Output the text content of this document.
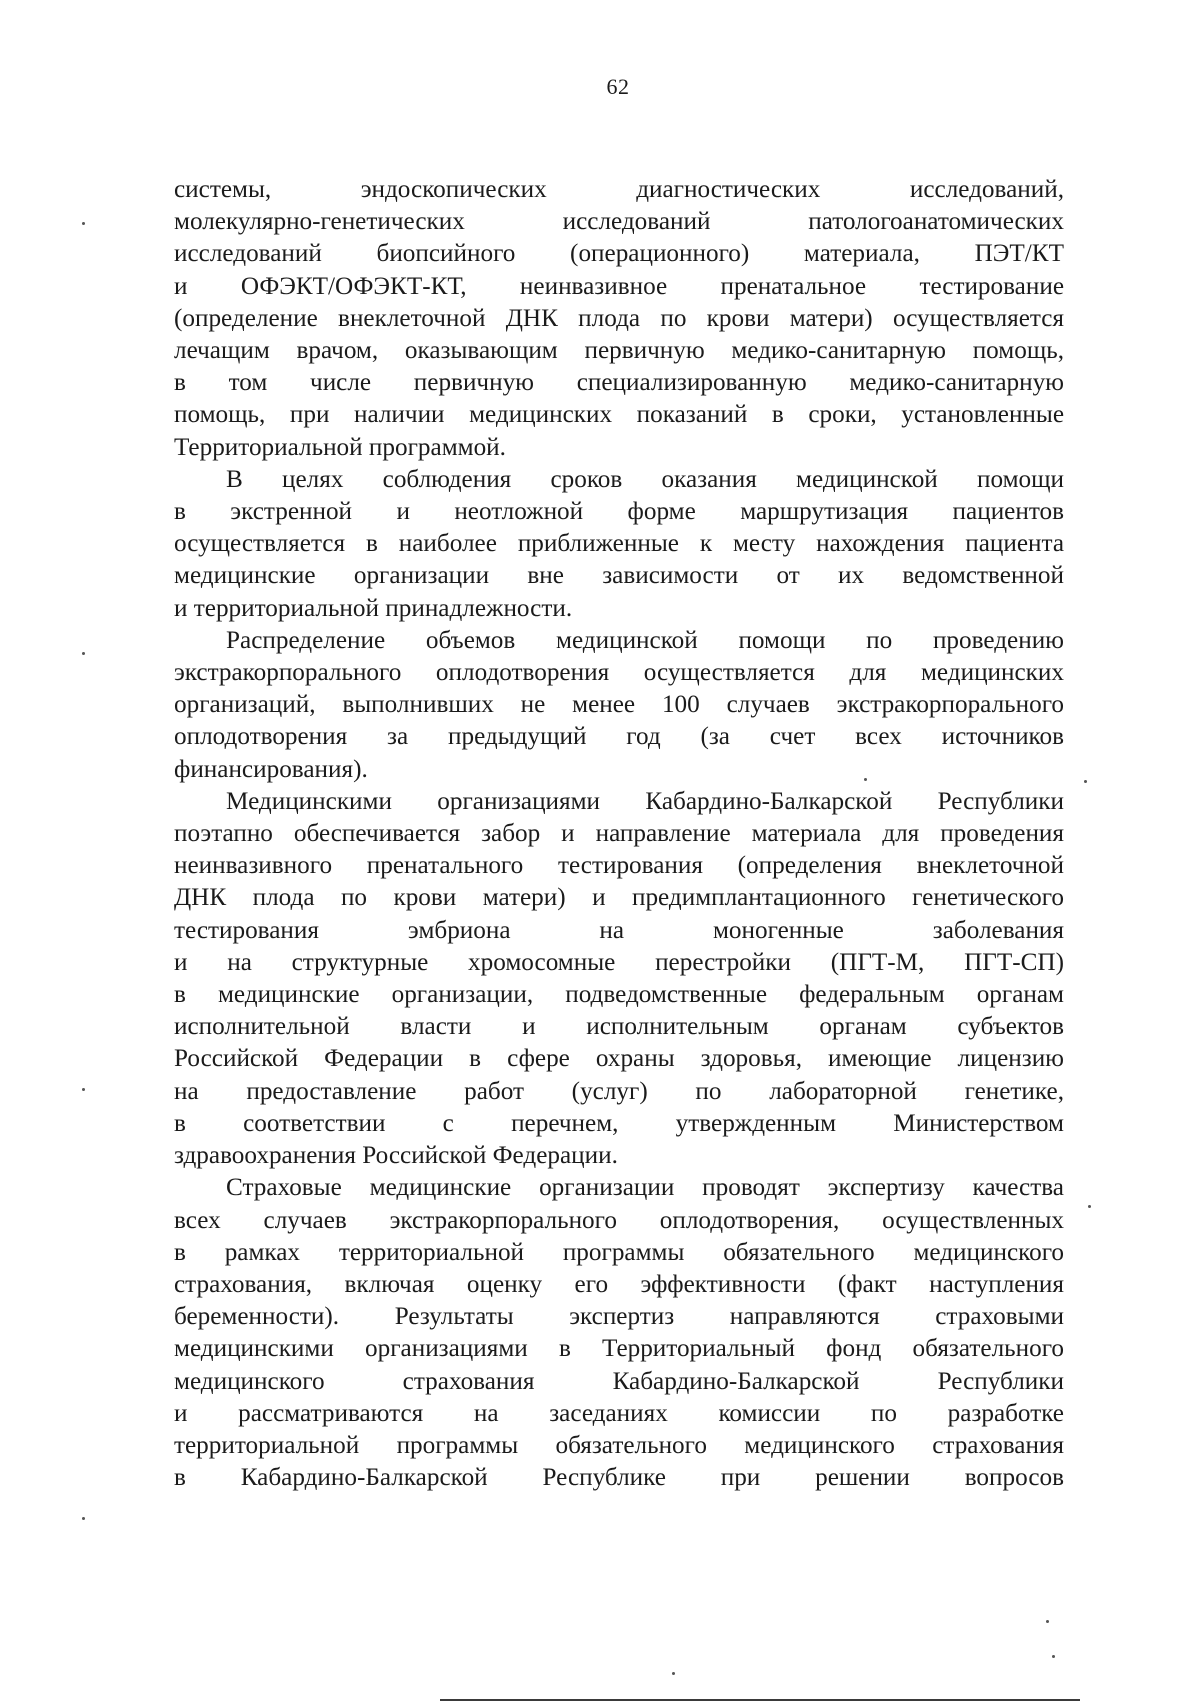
62
системы, эндоскопических диагностических исследований,
молекулярно-генетических исследований патологоанатомических
исследований биопсийного (операционного) материала, ПЭТ/КТ
и ОФЭКТ/ОФЭКТ-КТ, неинвазивное пренатальное тестирование
(определение внеклеточной ДНК плода по крови матери) осуществляется
лечащим врачом, оказывающим первичную медико-санитарную помощь,
в том числе первичную специализированную медико-санитарную
помощь, при наличии медицинских показаний в сроки, установленные
Территориальной программой.
В целях соблюдения сроков оказания медицинской помощи
в экстренной и неотложной форме маршрутизация пациентов
осуществляется в наиболее приближенные к месту нахождения пациента
медицинские организации вне зависимости от их ведомственной
и территориальной принадлежности.
Распределение объемов медицинской помощи по проведению
экстракорпорального оплодотворения осуществляется для медицинских
организаций, выполнивших не менее 100 случаев экстракорпорального
оплодотворения за предыдущий год (за счет всех источников
финансирования).
Медицинскими организациями Кабардино-Балкарской Республики
поэтапно обеспечивается забор и направление материала для проведения
неинвазивного пренатального тестирования (определения внеклеточной
ДНК плода по крови матери) и предимплантационного генетического
тестирования эмбриона на моногенные заболевания
и на структурные хромосомные перестройки (ПГТ-М, ПГТ-СП)
в медицинские организации, подведомственные федеральным органам
исполнительной власти и исполнительным органам субъектов
Российской Федерации в сфере охраны здоровья, имеющие лицензию
на предоставление работ (услуг) по лабораторной генетике,
в соответствии с перечнем, утвержденным Министерством
здравоохранения Российской Федерации.
Страховые медицинские организации проводят экспертизу качества
всех случаев экстракорпорального оплодотворения, осуществленных
в рамках территориальной программы обязательного медицинского
страхования, включая оценку его эффективности (факт наступления
беременности). Результаты экспертиз направляются страховыми
медицинскими организациями в Территориальный фонд обязательного
медицинского страхования Кабардино-Балкарской Республики
и рассматриваются на заседаниях комиссии по разработке
территориальной программы обязательного медицинского страхования
в Кабардино-Балкарской Республике при решении вопросов
